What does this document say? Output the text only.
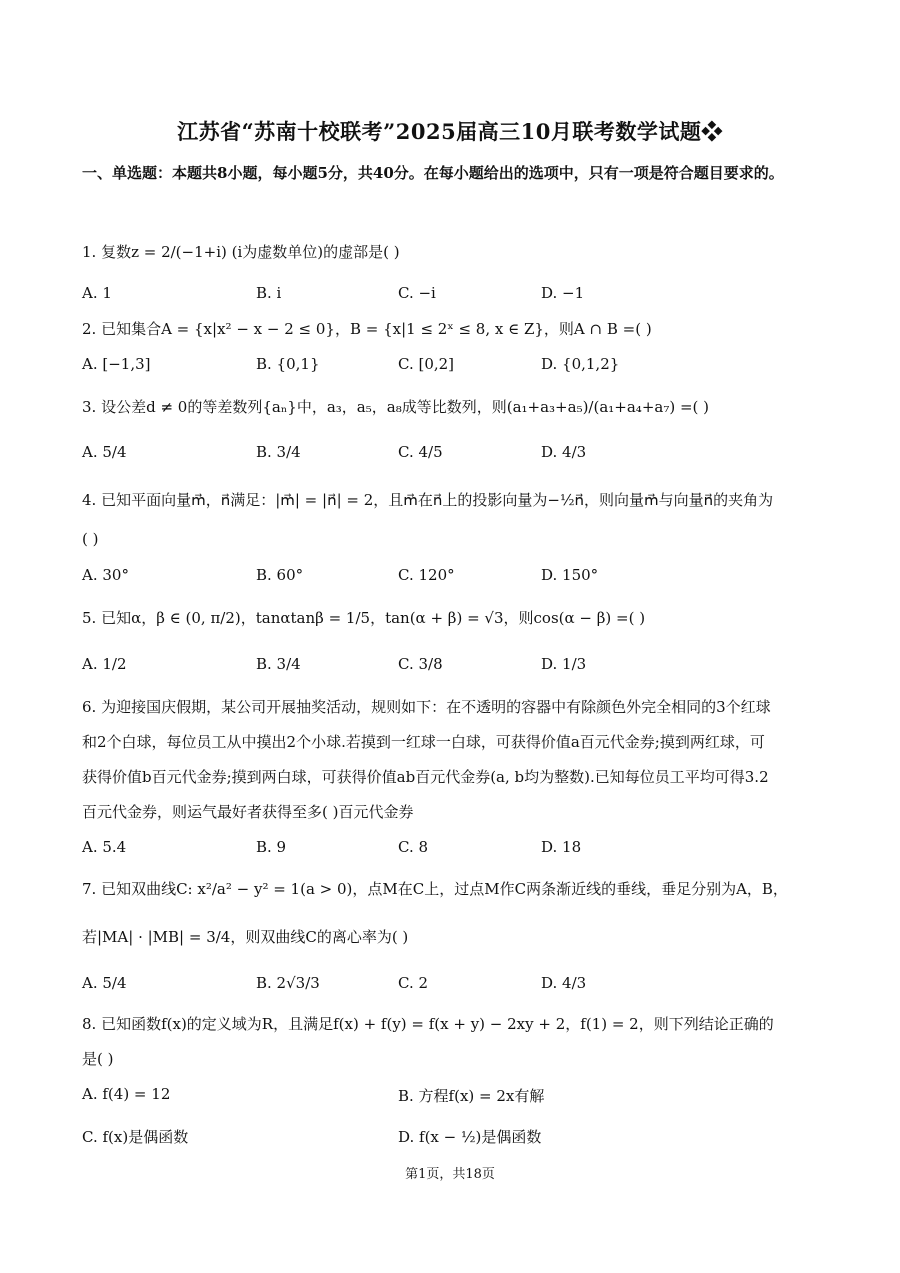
江苏省“苏南十校联考”2025届高三10月联考数学试题❖
一、单选题：本题共8小题，每小题5分，共40分。在每小题给出的选项中，只有一项是符合题目要求的。
1. 复数z = 2/(−1+i) (i为虚数单位)的虚部是( )
A. 1	B. i	C. −i	D. −1
2. 已知集合A = {x|x² − x − 2 ≤ 0}，B = {x|1 ≤ 2ˣ ≤ 8, x ∈ Z}，则A ∩ B =( )
A. [−1,3]	B. {0,1}	C. [0,2]	D. {0,1,2}
3. 设公差d ≠ 0的等差数列{aₙ}中，a₃，a₅，a₈成等比数列，则(a₁+a₃+a₅)/(a₁+a₄+a₇) =( )
A. 5/4	B. 3/4	C. 4/5	D. 4/3
4. 已知平面向量m⃗，n⃗满足：|m⃗| = |n⃗| = 2，且m⃗在n⃗上的投影向量为−½n⃗，则向量m⃗与向量n⃗的夹角为
( )
A. 30°	B. 60°	C. 120°	D. 150°
5. 已知α，β ∈ (0, π/2)，tanαtanβ = 1/5，tan(α + β) = √3，则cos(α − β) =( )
A. 1/2	B. 3/4	C. 3/8	D. 1/3
6. 为迎接国庆假期，某公司开展抽奖活动，规则如下：在不透明的容器中有除颜色外完全相同的3个红球
和2个白球，每位员工从中摸出2个小球.若摸到一红球一白球，可获得价值a百元代金券;摸到两红球，可
获得价值b百元代金券;摸到两白球，可获得价值ab百元代金券(a, b均为整数).已知每位员工平均可得3.2
百元代金券，则运气最好者获得至多( )百元代金券
A. 5.4	B. 9	C. 8	D. 18
7. 已知双曲线C: x²/a² − y² = 1(a > 0)，点M在C上，过点M作C两条渐近线的垂线，垂足分别为A，B，
若|MA| · |MB| = 3/4，则双曲线C的离心率为( )
A. 5/4	B. 2√3/3	C. 2	D. 4/3
8. 已知函数f(x)的定义域为R，且满足f(x) + f(y) = f(x + y) − 2xy + 2，f(1) = 2，则下列结论正确的
是( )
A. f(4) = 12	B. 方程f(x) = 2x有解
C. f(x)是偶函数	D. f(x − ½)是偶函数
第1页，共18页
